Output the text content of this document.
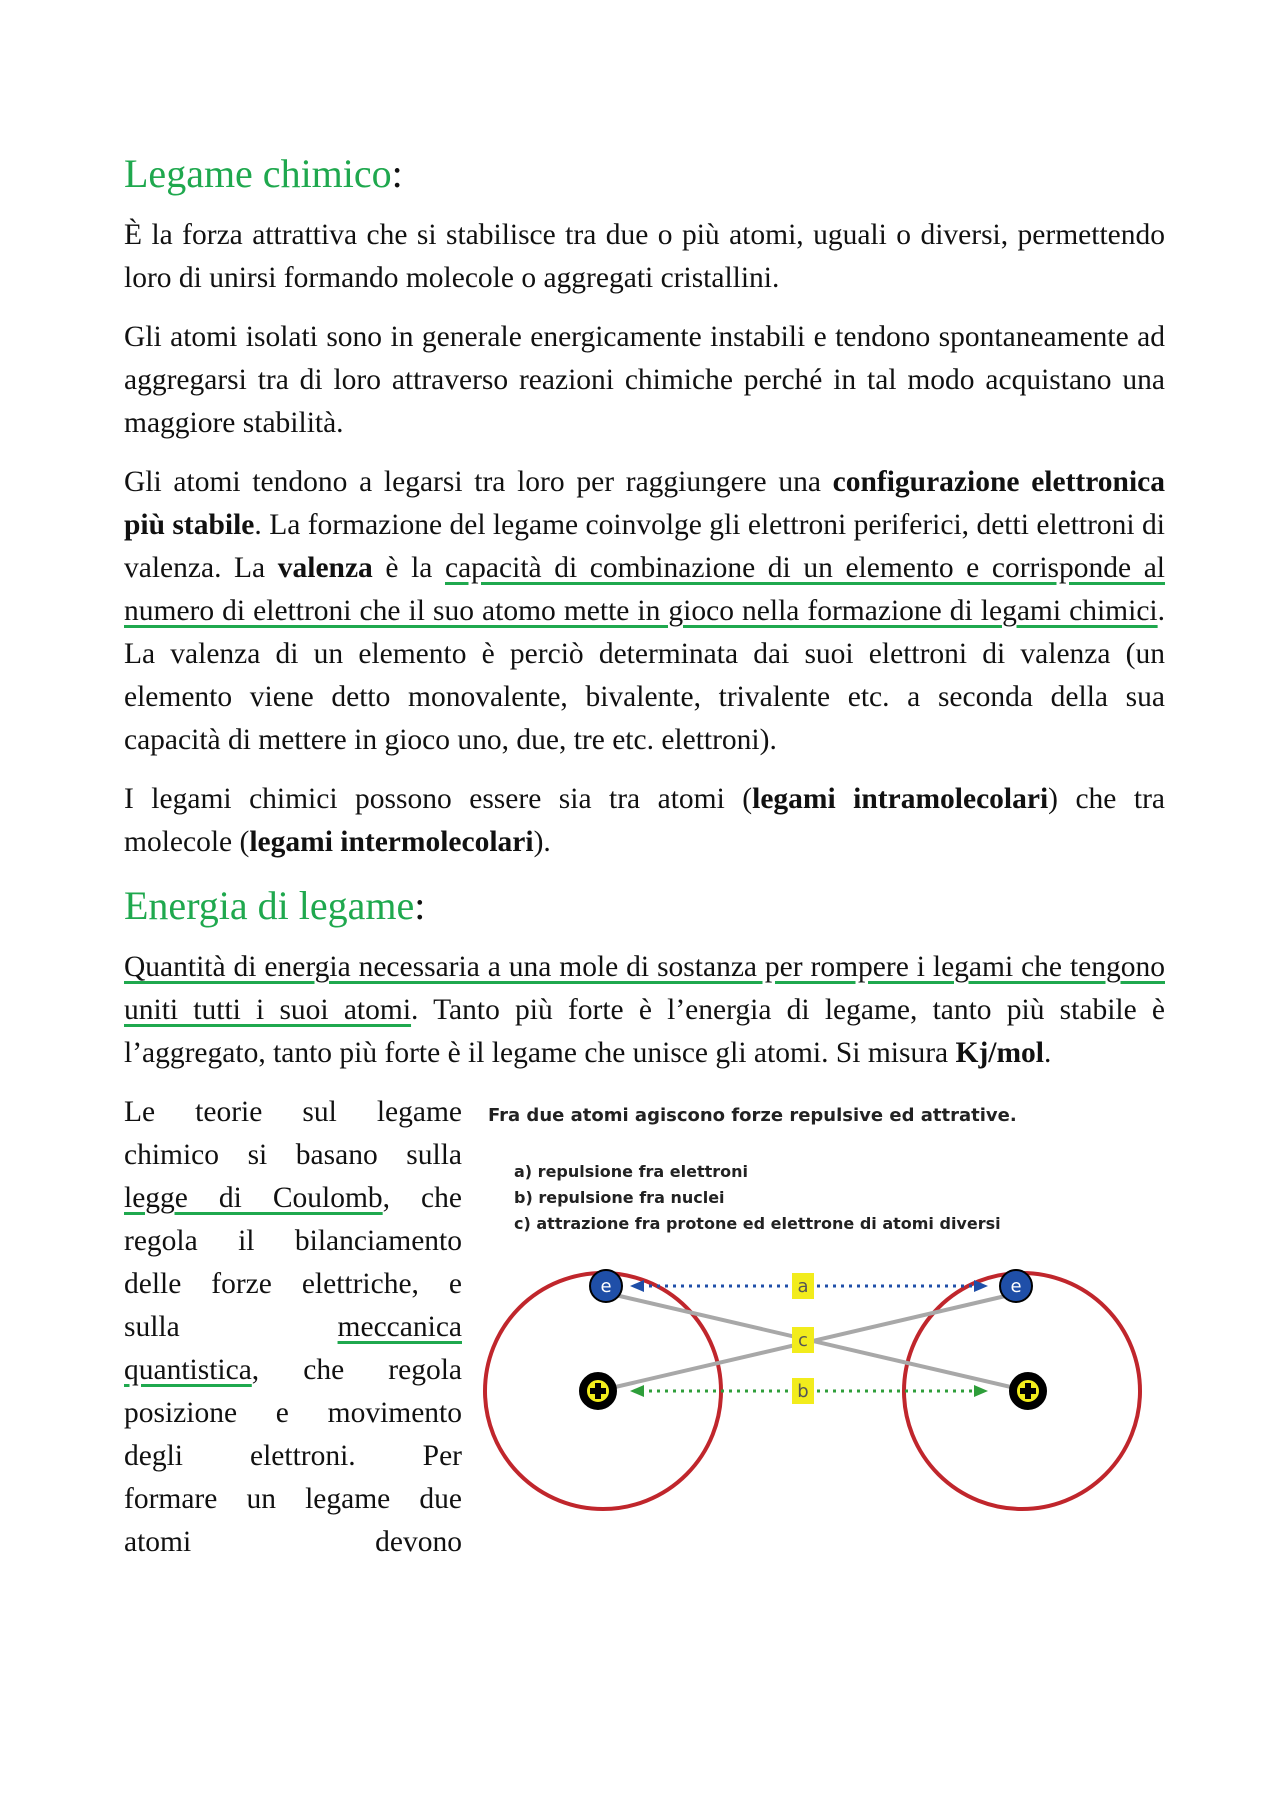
Legame chimico:

È la forza attrattiva che si stabilisce tra due o più atomi, uguali o diversi, permettendo loro di unirsi formando molecole o aggregati cristallini.

Gli atomi isolati sono in generale energicamente instabili e tendono spontaneamente ad aggregarsi tra di loro attraverso reazioni chimiche perché in tal modo acquistano una maggiore stabilità.

Gli atomi tendono a legarsi tra loro per raggiungere una configurazione elettronica più stabile. La formazione del legame coinvolge gli elettroni periferici, detti elettroni di valenza. La valenza è la capacità di combinazione di un elemento e corrisponde al numero di elettroni che il suo atomo mette in gioco nella formazione di legami chimici. La valenza di un elemento è perciò determinata dai suoi elettroni di valenza (un elemento viene detto monovalente, bivalente, trivalente etc. a seconda della sua capacità di mettere in gioco uno, due, tre etc. elettroni).

I legami chimici possono essere sia tra atomi (legami intramolecolari) che tra molecole (legami intermolecolari).

Energia di legame:

Quantità di energia necessaria a una mole di sostanza per rompere i legami che tengono uniti tutti i suoi atomi. Tanto più forte è l’energia di legame, tanto più stabile è l’aggregato, tanto più forte è il legame che unisce gli atomi. Si misura Kj/mol.

Le teorie sul legame
chimico si basano sulla
legge di Coulomb, che
regola il bilanciamento
delle forze elettriche, e
sulla	meccanica
quantistica, che regola
posizione e movimento
degli elettroni. Per
formare un legame due
atomi devono
Fra due atomi agiscono forze repulsive ed attrative.
a) repulsione fra elettroni
b) repulsione fra nuclei
c) attrazione fra protone ed elettrone di atomi diversi
a
c
b
e	e
